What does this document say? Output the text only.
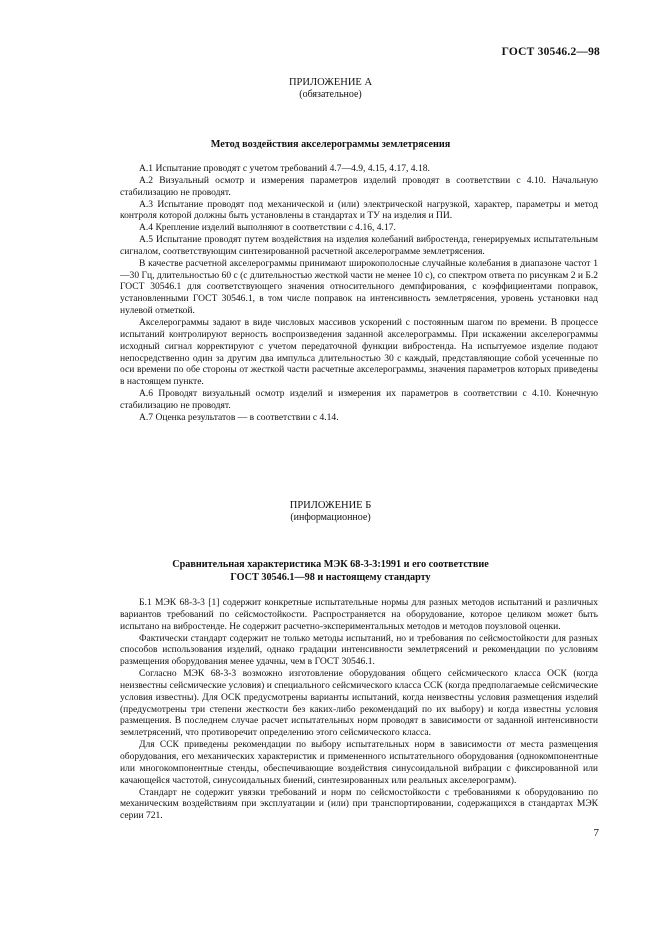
ГОСТ 30546.2—98
ПРИЛОЖЕНИЕ А
(обязательное)
Метод воздействия акселерограммы землетрясения

А.1 Испытание проводят с учетом требований 4.7—4.9, 4.15, 4.17, 4.18.

А.2 Визуальный осмотр и измерения параметров изделий проводят в соответствии с 4.10. Начальную стабилизацию не проводят.

А.3 Испытание проводят под механической и (или) электрической нагрузкой, характер, параметры и метод контроля которой должны быть установлены в стандартах и ТУ на изделия и ПИ.

А.4 Крепление изделий выполняют в соответствии с 4.16, 4.17.

А.5 Испытание проводят путем воздействия на изделия колебаний вибростенда, генерируемых испытательным сигналом, соответствующим синтезированной расчетной акселерограмме землетрясения.

В качестве расчетной акселерограммы принимают широкополосные случайные колебания в диапазоне частот 1—30 Гц, длительностью 60 с (с длительностью жесткой части не менее 10 с), со спектром ответа по рисункам 2 и Б.2 ГОСТ 30546.1 для соответствующего значения относительного демпфирования, с коэффициентами поправок, установленными ГОСТ 30546.1, в том числе поправок на интенсивность землетрясения, уровень установки над нулевой отметкой.

Акселерограммы задают в виде числовых массивов ускорений с постоянным шагом по времени. В процессе испытаний контролируют верность воспроизведения заданной акселерограммы. При искажении акселерограммы исходный сигнал корректируют с учетом передаточной функции вибростенда. На испытуемое изделие подают непосредственно один за другим два импульса длительностью 30 с каждый, представляющие собой усеченные по оси времени по обе стороны от жесткой части расчетные акселерограммы, значения параметров которых приведены в настоящем пункте.

А.6 Проводят визуальный осмотр изделий и измерения их параметров в соответствии с 4.10. Конечную стабилизацию не проводят.

А.7 Оценка результатов — в соответствии с 4.14.

ПРИЛОЖЕНИЕ Б
(информационное)
Сравнительная характеристика МЭК 68-3-3:1991 и его соответствие
ГОСТ 30546.1—98 и настоящему стандарту

Б.1 МЭК 68-3-3 [1] содержит конкретные испытательные нормы для разных методов испытаний и различных вариантов требований по сейсмостойкости. Распространяется на оборудование, которое целиком может быть испытано на вибростенде. Не содержит расчетно-экспериментальных методов и методов поузловой оценки.

Фактически стандарт содержит не только методы испытаний, но и требования по сейсмостойкости для разных способов использования изделий, однако градации интенсивности землетрясений и рекомендации по условиям размещения оборудования менее удачны, чем в ГОСТ 30546.1.

Согласно МЭК 68-3-3 возможно изготовление оборудования общего сейсмического класса ОСК (когда неизвестны сейсмические условия) и специального сейсмического класса ССК (когда предполагаемые сейсмические условия известны). Для ОСК предусмотрены варианты испытаний, когда неизвестны условия размещения изделий (предусмотрены три степени жесткости без каких-либо рекомендаций по их выбору) и когда известны условия размещения. В последнем случае расчет испытательных норм проводят в зависимости от заданной интенсивности землетрясений, что противоречит определению этого сейсмического класса.

Для ССК приведены рекомендации по выбору испытательных норм в зависимости от места размещения оборудования, его механических характеристик и примененного испытательного оборудования (однокомпонентные или многокомпонентные стенды, обеспечивающие воздействия синусоидальной вибрации с фиксированной или качающейся частотой, синусоидальных биений, синтезированных или реальных акселерограмм).

Стандарт не содержит увязки требований и норм по сейсмостойкости с требованиями к оборудованию по механическим воздействиям при эксплуатации и (или) при транспортировании, содержащихся в стандартах МЭК серии 721.

7
